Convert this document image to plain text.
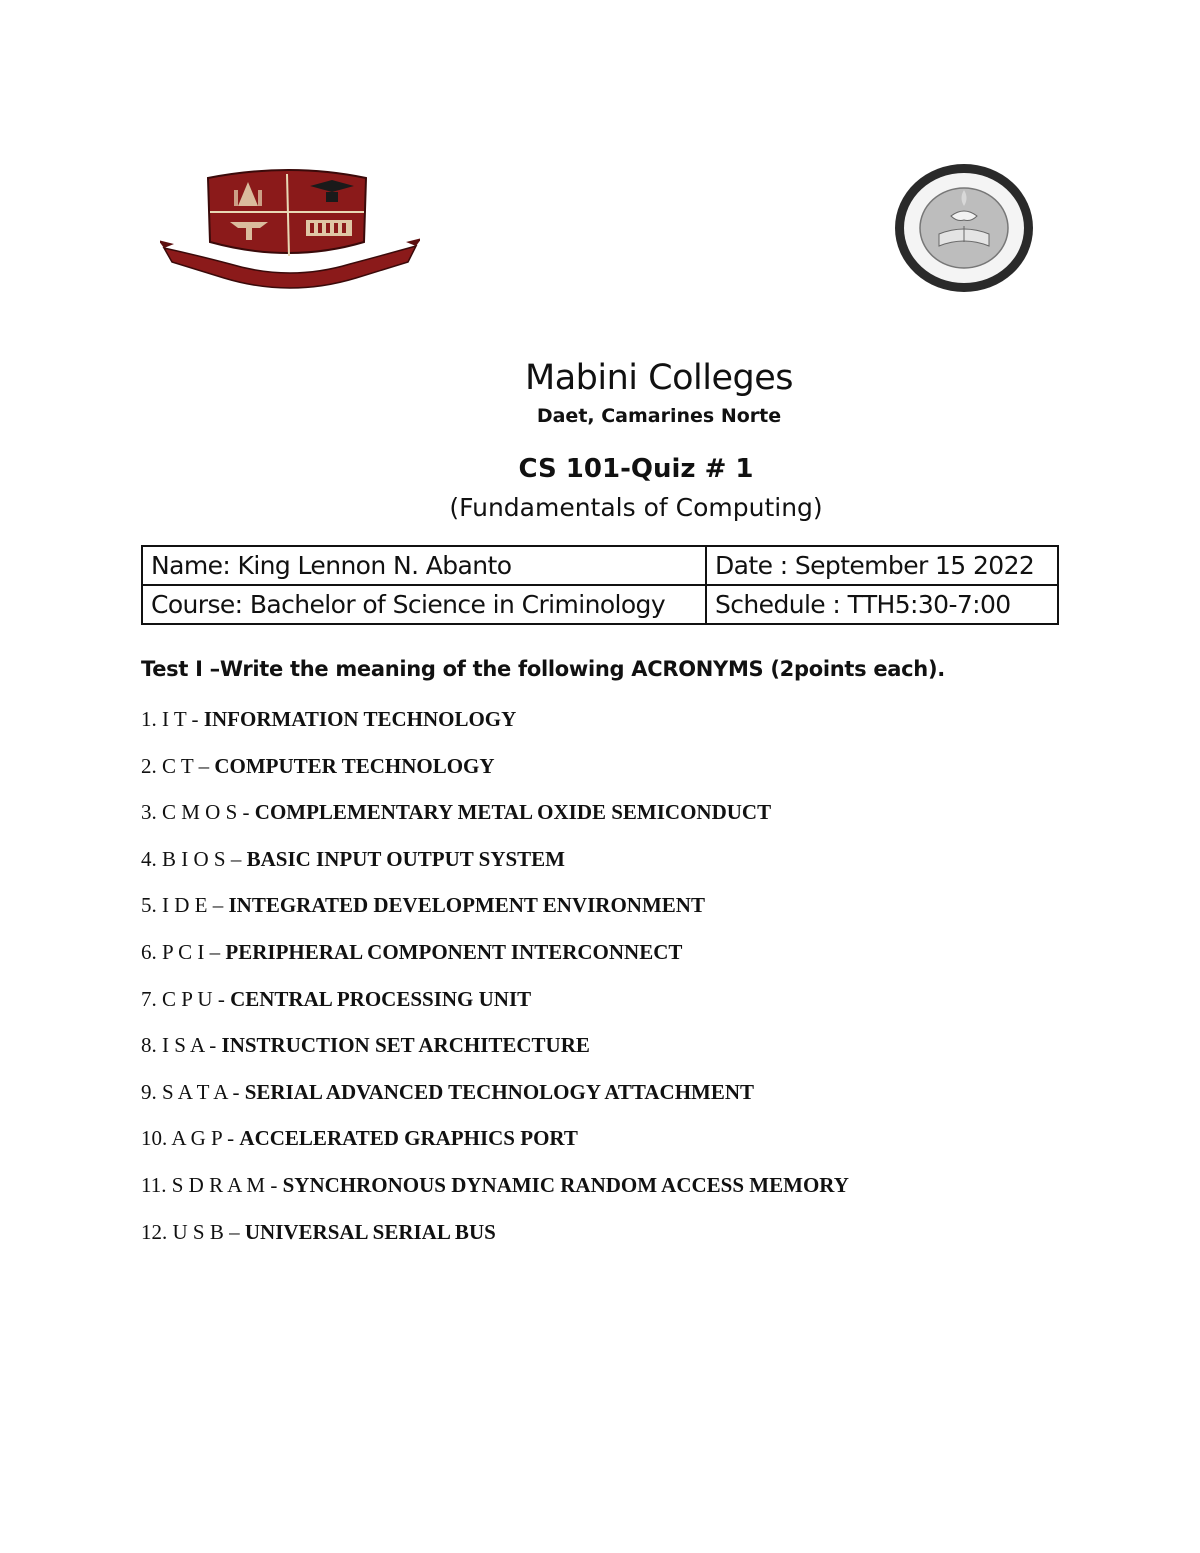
Mabini Colleges
Daet, Camarines Norte
CS 101-Quiz # 1
(Fundamentals of Computing)
Name: King Lennon N. Abanto	Date : September 15 2022
Course: Bachelor of Science in Criminology	Schedule : TTH5:30-7:00
Test I –Write the meaning of the following ACRONYMS (2points each).
1. I T - INFORMATION TECHNOLOGY
2. C T – COMPUTER TECHNOLOGY
3. C M O S - COMPLEMENTARY METAL OXIDE SEMICONDUCT
4. B I O S – BASIC INPUT OUTPUT SYSTEM
5. I D E – INTEGRATED DEVELOPMENT ENVIRONMENT
6. P C I – PERIPHERAL COMPONENT INTERCONNECT
7. C P U - CENTRAL PROCESSING UNIT
8. I S A - INSTRUCTION SET ARCHITECTURE
9. S A T A - SERIAL ADVANCED TECHNOLOGY ATTACHMENT
10. A G P - ACCELERATED GRAPHICS PORT
11. S D R A M - SYNCHRONOUS DYNAMIC RANDOM ACCESS MEMORY
12. U S B – UNIVERSAL SERIAL BUS
